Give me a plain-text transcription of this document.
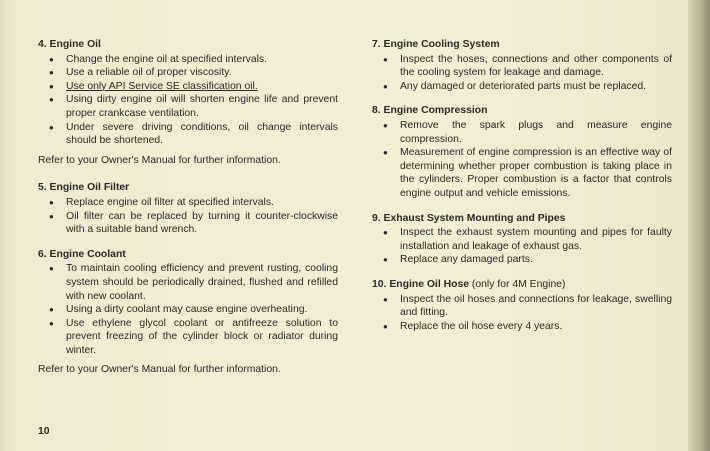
4. Engine Oil
● Change the engine oil at specified intervals.
● Use a reliable oil of proper viscosity.
● Use only API Service SE classification oil.
● Using dirty engine oil will shorten engine life and prevent proper crankcase ventilation.
● Under severe driving conditions, oil change intervals should be shortened.
Refer to your Owner's Manual for further information.
5. Engine Oil Filter
● Replace engine oil filter at specified intervals.
● Oil filter can be replaced by turning it counter-clockwise with a suitable band wrench.
6. Engine Coolant
● To maintain cooling efficiency and prevent rusting, cooling system should be periodically drained, flushed and refilled with new coolant.
● Using a dirty coolant may cause engine overheating.
● Use ethylene glycol coolant or antifreeze solution to prevent freezing of the cylinder block or radiator during winter.
Refer to your Owner's Manual for further information.
7. Engine Cooling System
● Inspect the hoses, connections and other components of the cooling system for leakage and damage.
● Any damaged or deteriorated parts must be replaced.
8. Engine Compression
● Remove the spark plugs and measure engine compression.
● Measurement of engine compression is an effective way of determining whether proper combustion is taking place in the cylinders. Proper combustion is a factor that controls engine output and vehicle emissions.
9. Exhaust System Mounting and Pipes
● Inspect the exhaust system mounting and pipes for faulty installation and leakage of exhaust gas.
● Replace any damaged parts.
10. Engine Oil Hose (only for 4M Engine)
● Inspect the oil hoses and connections for leakage, swelling and fitting.
● Replace the oil hose every 4 years.
10
